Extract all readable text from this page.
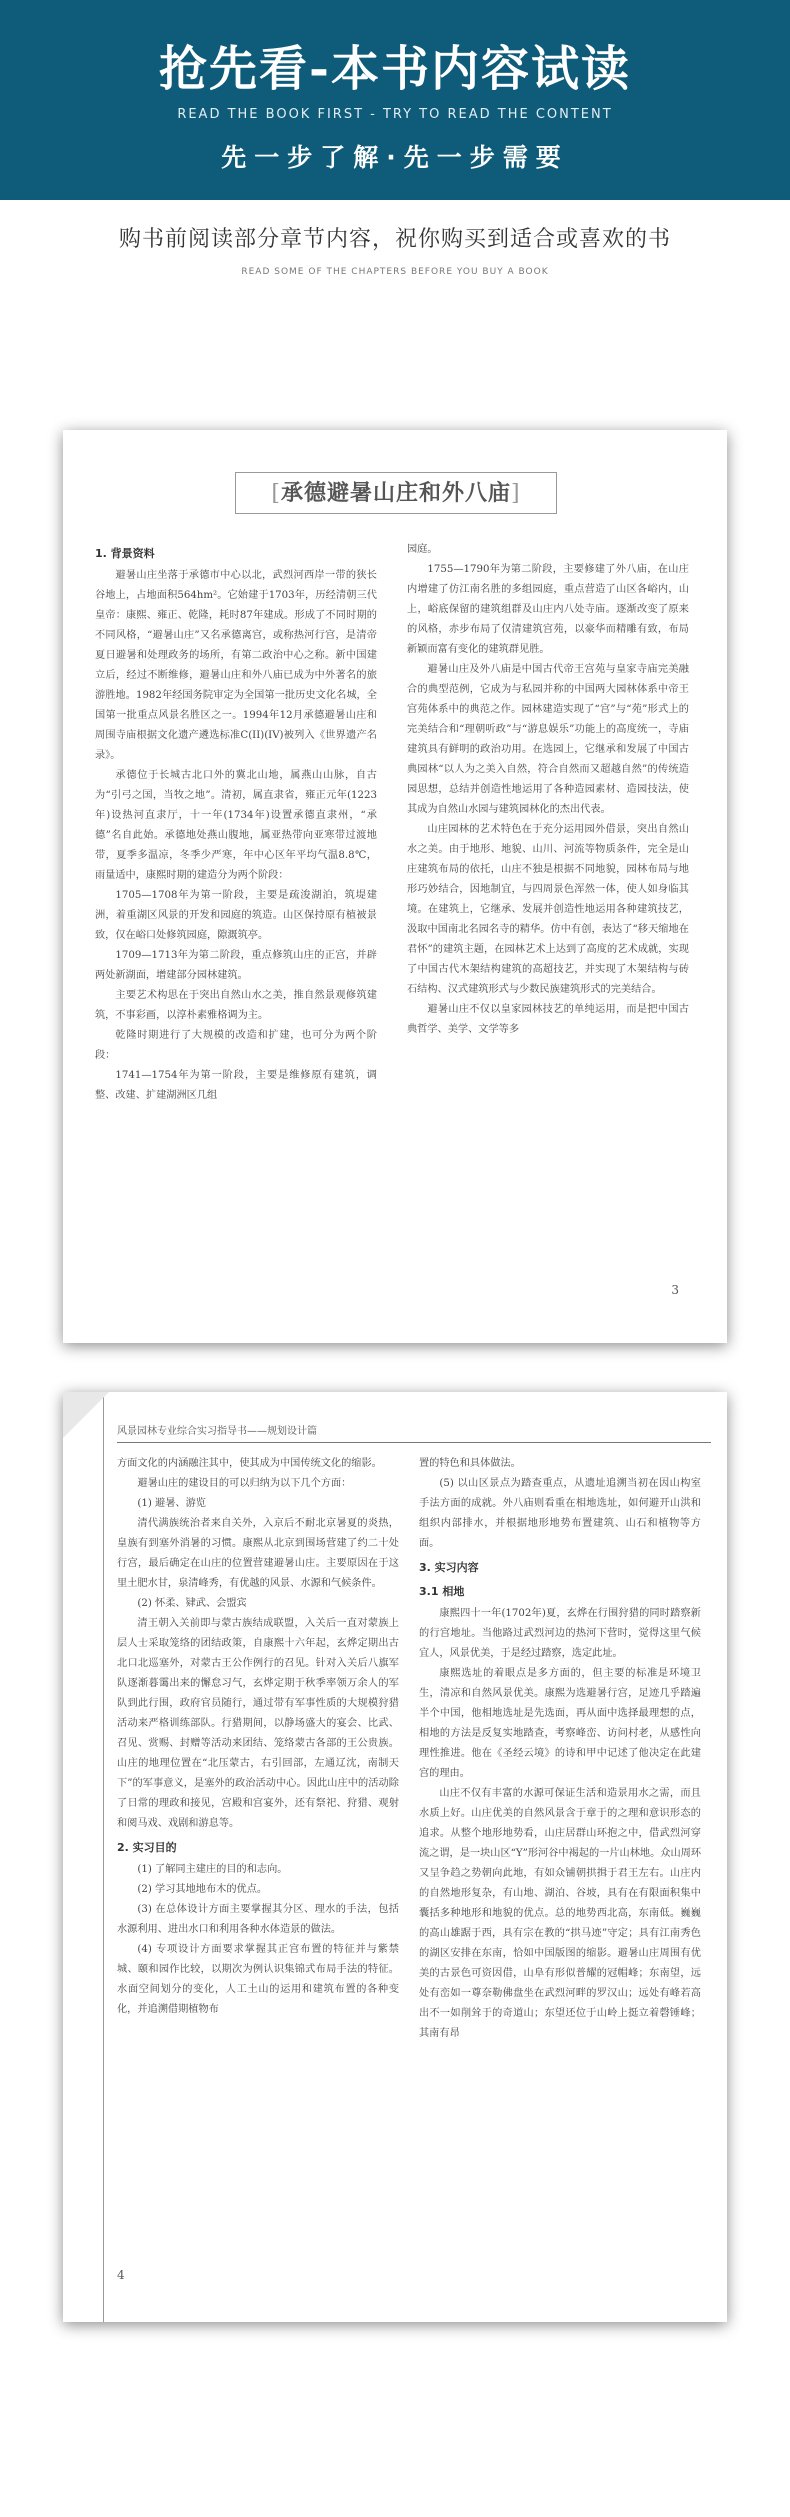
抢先看-本书内容试读
READ THE BOOK FIRST - TRY TO READ THE CONTENT
先一步了解·先一步需要
购书前阅读部分章节内容，祝你购买到适合或喜欢的书
READ SOME OF THE CHAPTERS BEFORE YOU BUY A BOOK
[承德避暑山庄和外八庙]
1. 背景资料

避暑山庄坐落于承德市中心以北，武烈河西岸一带的狭长谷地上，占地面积564hm²。它始建于1703年，历经清朝三代皇帝：康熙、雍正、乾隆，耗时87年建成。形成了不同时期的不同风格，“避暑山庄”又名承德离宫，或称热河行宫，是清帝夏日避暑和处理政务的场所，有第二政治中心之称。新中国建立后，经过不断维修，避暑山庄和外八庙已成为中外著名的旅游胜地。1982年经国务院审定为全国第一批历史文化名城，全国第一批重点风景名胜区之一。1994年12月承德避暑山庄和周围寺庙根据文化遗产遴选标准C(II)(IV)被列入《世界遗产名录》。

承德位于长城古北口外的冀北山地，属燕山山脉，自古为“引弓之国，当牧之地”。清初，属直隶省，雍正元年(1223年)设热河直隶厅，十一年(1734年)设置承德直隶州，“承德”名自此始。承德地处燕山腹地，属亚热带向亚寒带过渡地带，夏季多温凉，冬季少严寒，年中心区年平均气温8.8℃，雨量适中，康熙时期的建造分为两个阶段：

1705—1708年为第一阶段，主要是疏浚湖泊，筑堤建洲，着重湖区风景的开发和园庭的筑造。山区保持原有植被景致，仅在峪口处修筑园庭，隙溉筑亭。

1709—1713年为第二阶段，重点修筑山庄的正宫，并辟两处新湖面，增建部分园林建筑。

主要艺术构思在于突出自然山水之美，推自然景观修筑建筑，不事彩画，以淳朴素雅格调为主。

乾隆时期进行了大规模的改造和扩建，也可分为两个阶段：

1741—1754年为第一阶段，主要是维修原有建筑，调整、改建、扩建湖洲区几组

园庭。

1755—1790年为第二阶段，主要修建了外八庙，在山庄内增建了仿江南名胜的多组园庭，重点营造了山区各峪内，山上，峪底保留的建筑组群及山庄内八处寺庙。逐渐改变了原来的风格，赤步布局了仅清建筑宫苑，以豪华而精雕有致，布局新颖而富有变化的建筑群见胜。

避暑山庄及外八庙是中国古代帝王宫苑与皇家寺庙完美融合的典型范例，它成为与私园并称的中国两大园林体系中帝王宫苑体系中的典范之作。园林建造实现了“宫”与“苑”形式上的完美结合和“理朝听政”与“游息娱乐”功能上的高度统一，寺庙建筑具有鲜明的政治功用。在选园上，它继承和发展了中国古典园林“以人为之美入自然，符合自然而又超越自然”的传统造园思想，总结并创造性地运用了各种造园素材、造园技法，使其成为自然山水园与建筑园林化的杰出代表。

山庄园林的艺术特色在于充分运用园外借景，突出自然山水之美。由于地形、地貌、山川、河流等物质条件，完全是山庄建筑布局的依托，山庄不独是根据不同地貌，园林布局与地形巧妙结合，因地制宜，与四周景色浑然一体，使人如身临其境。在建筑上，它继承、发展并创造性地运用各种建筑技艺，汲取中国南北名园名寺的精华。仿中有创，表达了“移天缩地在君怀”的建筑主题，在园林艺术上达到了高度的艺术成就，实现了中国古代木架结构建筑的高超技艺，并实现了木架结构与砖石结构、汉式建筑形式与少数民族建筑形式的完美结合。

避暑山庄不仅以皇家园林技艺的单纯运用，而是把中国古典哲学、美学、文学等多

3
风景园林专业综合实习指导书——规划设计篇

方面文化的内涵融注其中，使其成为中国传统文化的缩影。

避暑山庄的建设目的可以归纳为以下几个方面：

(1) 避暑、游览

清代满族统治者来自关外，入京后不耐北京暑夏的炎热，皇族有到塞外消暑的习惯。康熙从北京到围场营建了约二十处行宫，最后确定在山庄的位置营建避暑山庄。主要原因在于这里土肥水甘，泉清峰秀，有优越的风景、水源和气候条件。

(2) 怀柔、肄武、会盟宾

清王朝入关前即与蒙古族结成联盟，入关后一直对蒙族上层人士采取笼络的团结政策，自康熙十六年起，玄烨定期出古北口北巡塞外，对蒙古王公作例行的召见。针对入关后八旗军队逐渐暮霭出来的懈怠习气，玄烨定期于秋季率领万余人的军队到此行围，政府官员随行，通过带有军事性质的大规模狩猎活动来严格训练部队。行猎期间，以静场盛大的宴会、比武、召见、赏赐、封赠等活动来团结、笼络蒙古各部的王公贵族。山庄的地理位置在“北压蒙古，右引回部，左通辽沈，南制天下”的军事意义，是塞外的政治活动中心。因此山庄中的活动除了日常的理政和接见，宫殿和宫宴外，还有祭祀、狩猎、观射和阅马戏、戏剧和游息等。

2. 实习目的

(1) 了解同主建庄的目的和志向。

(2) 学习其地地布木的优点。

(3) 在总体设计方面主要掌握其分区、理水的手法，包括水源利用、进出水口和利用各种水体造景的做法。

(4) 专项设计方面要求掌握其正宫布置的特征并与紫禁城、颐和园作比较，以期次为例认识集锦式布局手法的特征。水面空间划分的变化，人工土山的运用和建筑布置的各种变化，并追溯借期植物布

置的特色和具体做法。

(5) 以山区景点为踏查重点，从遗址追溯当初在因山构室手法方面的成就。外八庙则看重在相地选址，如何避开山洪和组织内部排水，并根据地形地势布置建筑、山石和植物等方面。

3. 实习内容
3.1 相地

康熙四十一年(1702年)夏，玄烨在行围狩猎的同时踏察新的行宫地址。当他路过武烈河边的热河下营时，觉得这里气候宜人，风景优美，于是经过踏察，选定此址。

康熙选址的着眼点是多方面的，但主要的标准是环境卫生，清凉和自然风景优美。康熙为选避暑行宫，足迹几乎踏遍半个中国，他相地选址是先选面，再从面中选择最理想的点，相地的方法是反复实地踏查，考察峰峦、访问村老，从感性向理性推进。他在《圣经云境》的诗和甲中记述了他决定在此建宫的理由。

山庄不仅有丰富的水源可保证生活和造景用水之需，而且水质上好。山庄优美的自然风景含于章于的之理和意识形态的追求。从整个地形地势看，山庄居群山环抱之中，借武烈河穿流之谓，是一块山区“Y”形河谷中褐起的一片山林地。众山周环又呈争趋之势朝向此地，有如众铺朝拱揖于君王左右。山庄内的自然地形复杂，有山地、湖泊、谷坡，具有在有限面积集中囊括多种地形和地貌的优点。总的地势西北高，东南低。巍巍的高山雄踞于西，具有宗在教的“拱马迹”守定；具有江南秀色的湖区安排在东南，恰如中国版图的缩影。避暑山庄周围有优美的古景色可资因借，山阜有形似普耀的冠帽峰；东南望，远处有峦如一尊奈勒佛盘坐在武烈河畔的罗汉山；远处有峰若高出不一如削耸于的奇道山；东望还位于山岭上挺立着磬锤峰；其南有昂

4
